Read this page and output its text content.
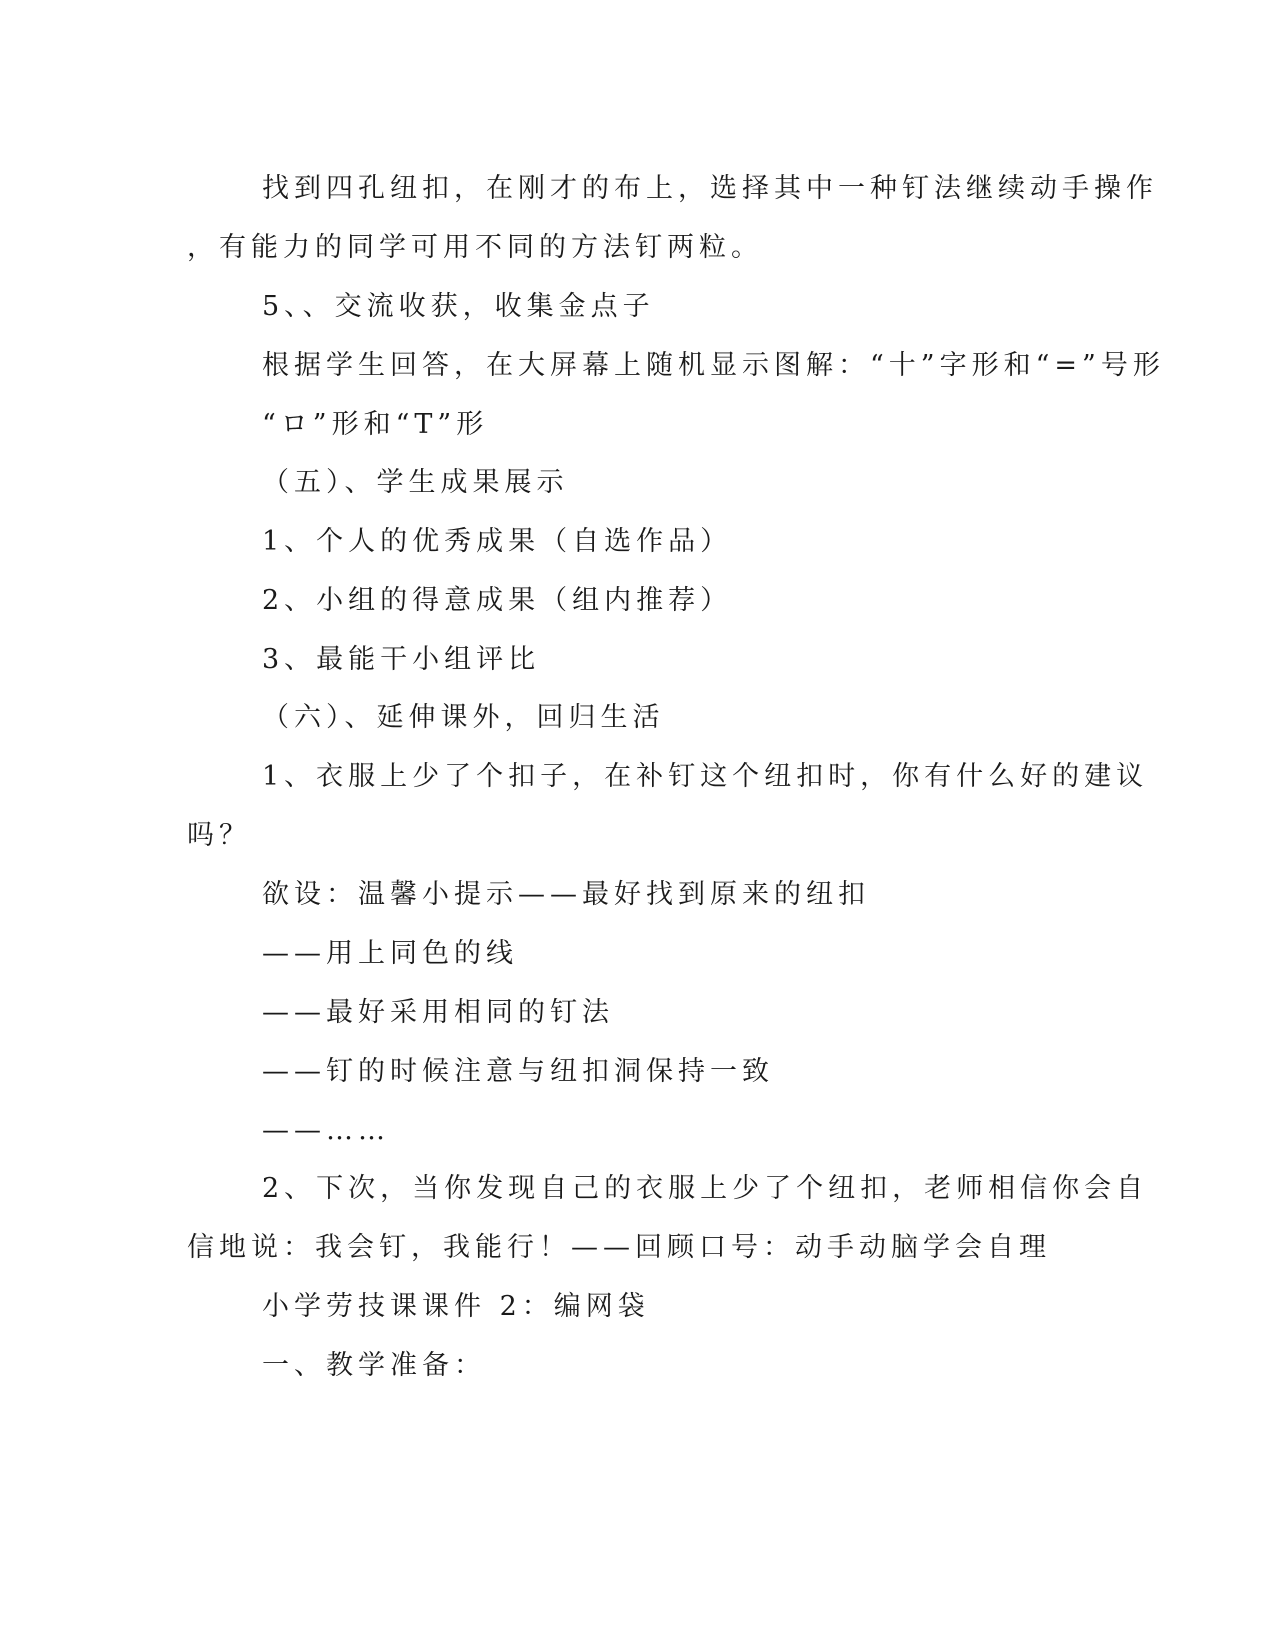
找到四孔纽扣，在刚才的布上，选择其中一种钉法继续动手操作
，有能力的同学可用不同的方法钉两粒。
5、、交流收获，收集金点子
根据学生回答，在大屏幕上随机显示图解：“十”字形和“=”号形
“ロ”形和“T”形
（五）、学生成果展示
1、个人的优秀成果（自选作品）
2、小组的得意成果（组内推荐）
3、最能干小组评比
（六）、延伸课外，回归生活
1、衣服上少了个扣子，在补钉这个纽扣时，你有什么好的建议
吗？
欲设：温馨小提示——最好找到原来的纽扣
——用上同色的线
——最好采用相同的钉法
——钉的时候注意与纽扣洞保持一致
——……
2、下次，当你发现自己的衣服上少了个纽扣，老师相信你会自
信地说：我会钉，我能行！——回顾口号：动手动脑学会自理
小学劳技课课件 2：编网袋
一、教学准备：
